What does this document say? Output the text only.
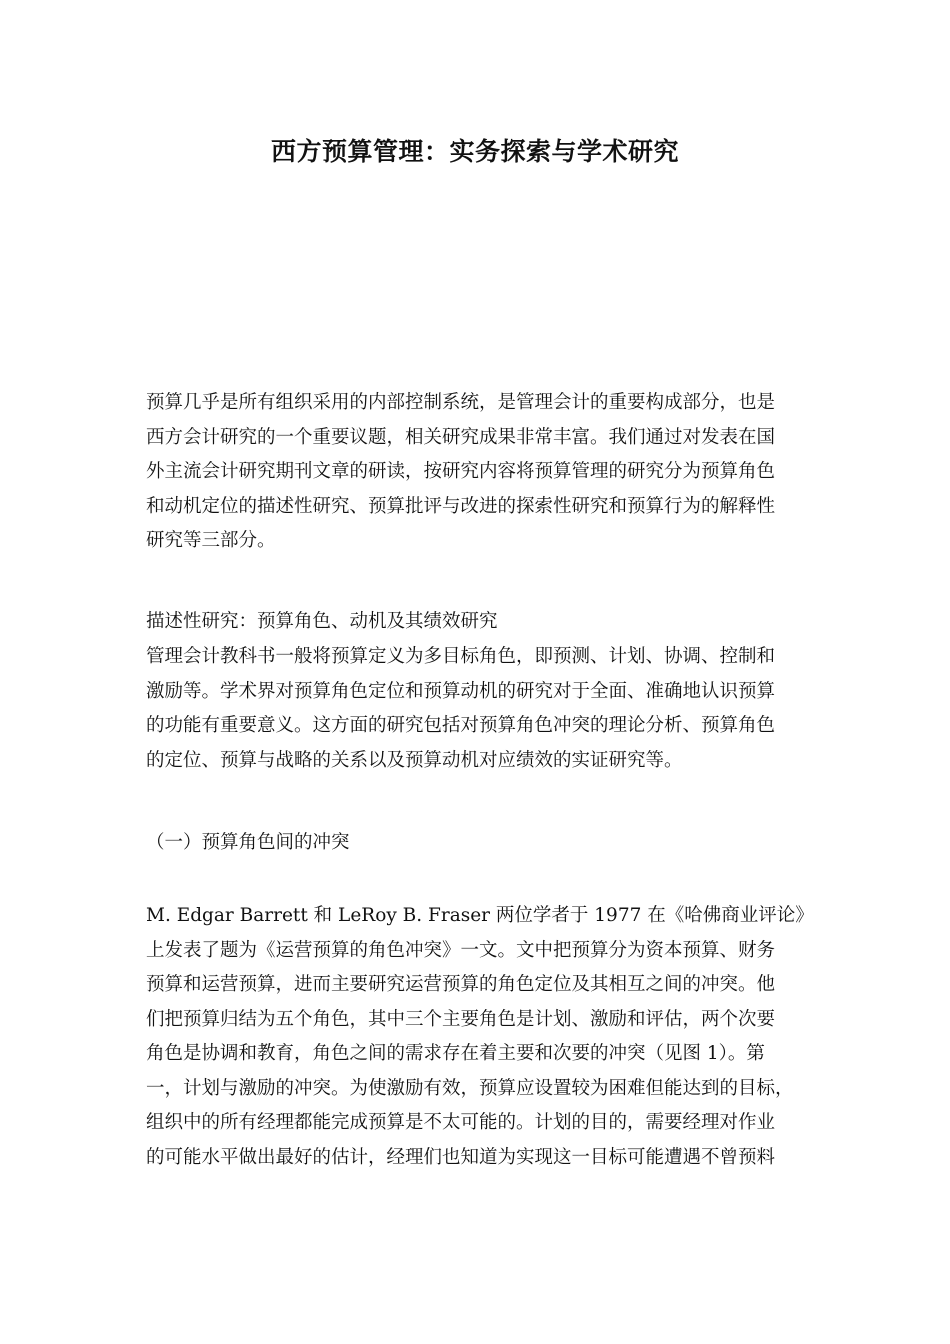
西方预算管理：实务探索与学术研究
预算几乎是所有组织采用的内部控制系统，是管理会计的重要构成部分，也是
西方会计研究的一个重要议题，相关研究成果非常丰富。我们通过对发表在国
外主流会计研究期刊文章的研读，按研究内容将预算管理的研究分为预算角色
和动机定位的描述性研究、预算批评与改进的探索性研究和预算行为的解释性
研究等三部分。
描述性研究：预算角色、动机及其绩效研究
管理会计教科书一般将预算定义为多目标角色，即预测、计划、协调、控制和
激励等。学术界对预算角色定位和预算动机的研究对于全面、准确地认识预算
的功能有重要意义。这方面的研究包括对预算角色冲突的理论分析、预算角色
的定位、预算与战略的关系以及预算动机对应绩效的实证研究等。
（一）预算角色间的冲突
M. Edgar Barrett 和 LeRoy B. Fraser 两位学者于 1977 在《哈佛商业评论》
上发表了题为《运营预算的角色冲突》一文。文中把预算分为资本预算、财务
预算和运营预算，进而主要研究运营预算的角色定位及其相互之间的冲突。他
们把预算归结为五个角色，其中三个主要角色是计划、激励和评估，两个次要
角色是协调和教育，角色之间的需求存在着主要和次要的冲突（见图 1）。第
一，计划与激励的冲突。为使激励有效，预算应设置较为困难但能达到的目标，
组织中的所有经理都能完成预算是不太可能的。计划的目的，需要经理对作业
的可能水平做出最好的估计，经理们也知道为实现这一目标可能遭遇不曾预料
